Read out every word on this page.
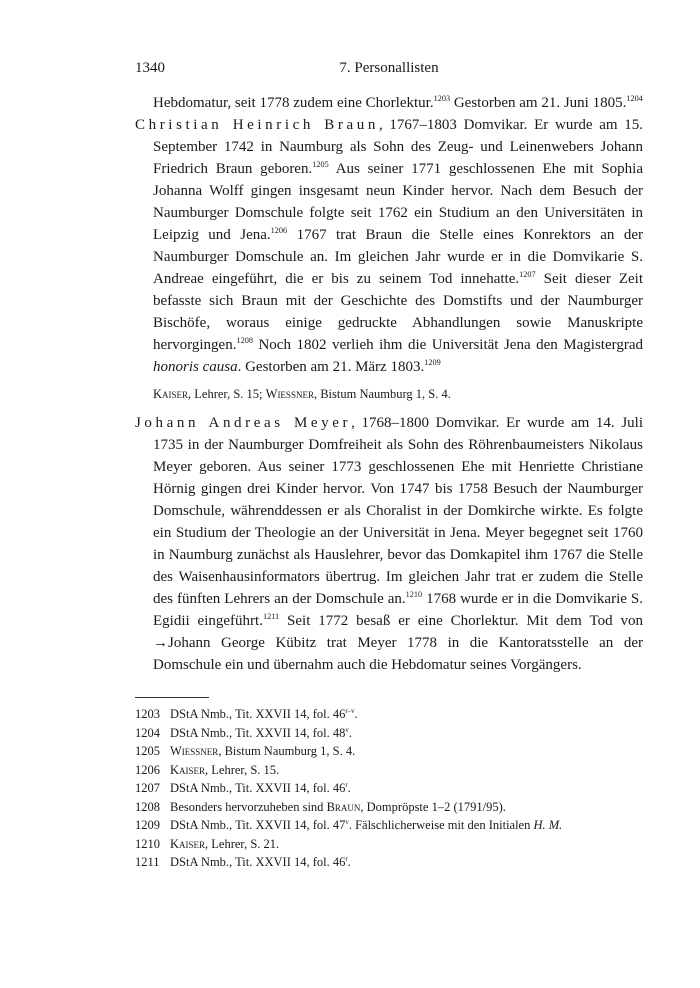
1340	7. Personallisten

Hebdomatur, seit 1778 zudem eine Chorlektur.$^{1203}$ Gestorben am 21. Juni 1805.$^{1204}$

Christian Heinrich Braun, 1767–1803 Domvikar. Er wurde am 15. September 1742 in Naumburg als Sohn des Zeug- und Leinenwebers Johann Friedrich Braun geboren.$^{1205}$ Aus seiner 1771 geschlossenen Ehe mit Sophia Johanna Wolff gingen insgesamt neun Kinder hervor. Nach dem Besuch der Naumburger Domschule folgte seit 1762 ein Studium an den Universitäten in Leipzig und Jena.$^{1206}$ 1767 trat Braun die Stelle eines Konrektors an der Naumburger Domschule an. Im gleichen Jahr wurde er in die Domvikarie S. Andreae eingeführt, die er bis zu seinem Tod innehatte.$^{1207}$ Seit dieser Zeit befasste sich Braun mit der Geschichte des Domstifts und der Naumburger Bischöfe, woraus einige gedruckte Abhandlungen sowie Manuskripte hervorgingen.$^{1208}$ Noch 1802 verlieh ihm die Universität Jena den Magistergrad honoris causa. Gestorben am 21. März 1803.$^{1209}$

Kaiser, Lehrer, S. 15; Wiessner, Bistum Naumburg 1, S. 4.

Johann Andreas Meyer, 1768–1800 Domvikar. Er wurde am 14. Juli 1735 in der Naumburger Domfreiheit als Sohn des Röhrenbaumeisters Nikolaus Meyer geboren. Aus seiner 1773 geschlossenen Ehe mit Henriette Christiane Hörnig gingen drei Kinder hervor. Von 1747 bis 1758 Besuch der Naumburger Domschule, währenddessen er als Choralist in der Domkirche wirkte. Es folgte ein Studium der Theologie an der Universität in Jena. Meyer begegnet seit 1760 in Naumburg zunächst als Hauslehrer, bevor das Domkapitel ihm 1767 die Stelle des Waisenhausinformators übertrug. Im gleichen Jahr trat er zudem die Stelle des fünften Lehrers an der Domschule an.$^{1210}$ 1768 wurde er in die Domvikarie S. Egidii eingeführt.$^{1211}$ Seit 1772 besaß er eine Chorlektur. Mit dem Tod von →Johann George Kübitz trat Meyer 1778 in die Kantoratsstelle an der Domschule ein und übernahm auch die Hebdomatur seines Vorgängers.

1203 DStA Nmb., Tit. XXVII 14, fol. 46$^{r-v}$.
1204 DStA Nmb., Tit. XXVII 14, fol. 48$^v$.
1205 Wiessner, Bistum Naumburg 1, S. 4.
1206 Kaiser, Lehrer, S. 15.
1207 DStA Nmb., Tit. XXVII 14, fol. 46$^r$.
1208 Besonders hervorzuheben sind Braun, Dompröpste 1–2 (1791/95).
1209 DStA Nmb., Tit. XXVII 14, fol. 47$^v$. Fälschlicherweise mit den Initialen H. M.
1210 Kaiser, Lehrer, S. 21.
1211 DStA Nmb., Tit. XXVII 14, fol. 46$^r$.
